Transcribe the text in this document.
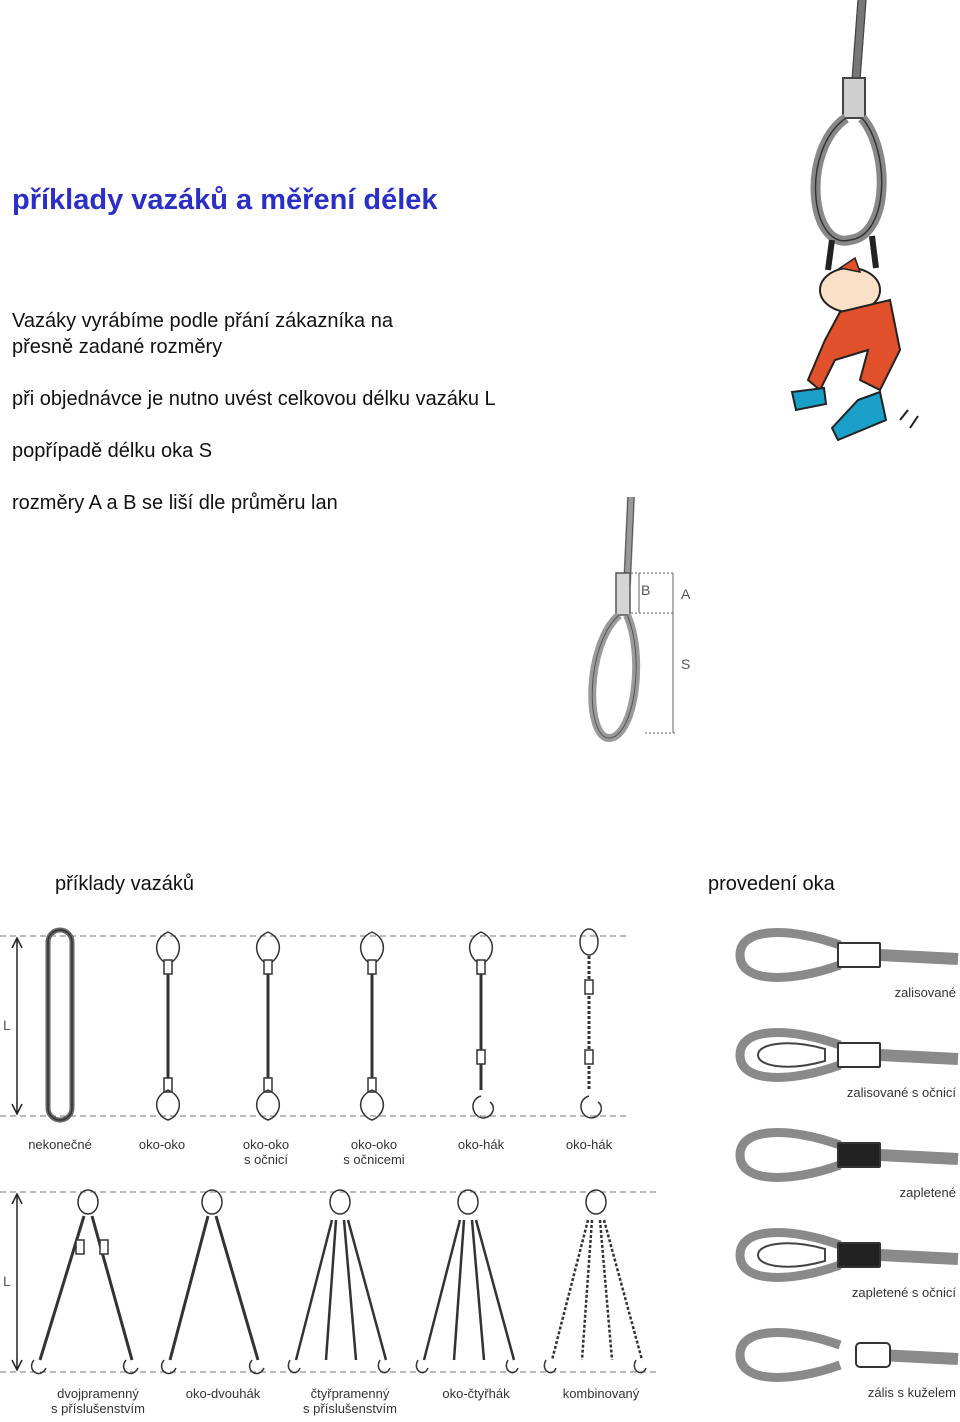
příklady vazáků a měření délek
Vazáky vyrábíme podle přání zákazníka na
přesně zadané rozměry
při objednávce je nutno uvést celkovou délku vazáku L
popřípadě délku oka S
rozměry A a B se liší dle průměru lan
B A
S
příklady vazáků	provedení oka
L
L
nekonečné	oko-oko	oko-oko
s očnicí
oko-oko
s očnicemi
oko-hák	oko-hák
dvojpramenný
s příslušenstvím
oko-dvouhák	čtyřpramenný
s příslušenstvím
oko-čtyřhák	kombinovaný
zalisované
zalisované s očnicí
zapletené
zapletené s očnicí
zális s kuželem
